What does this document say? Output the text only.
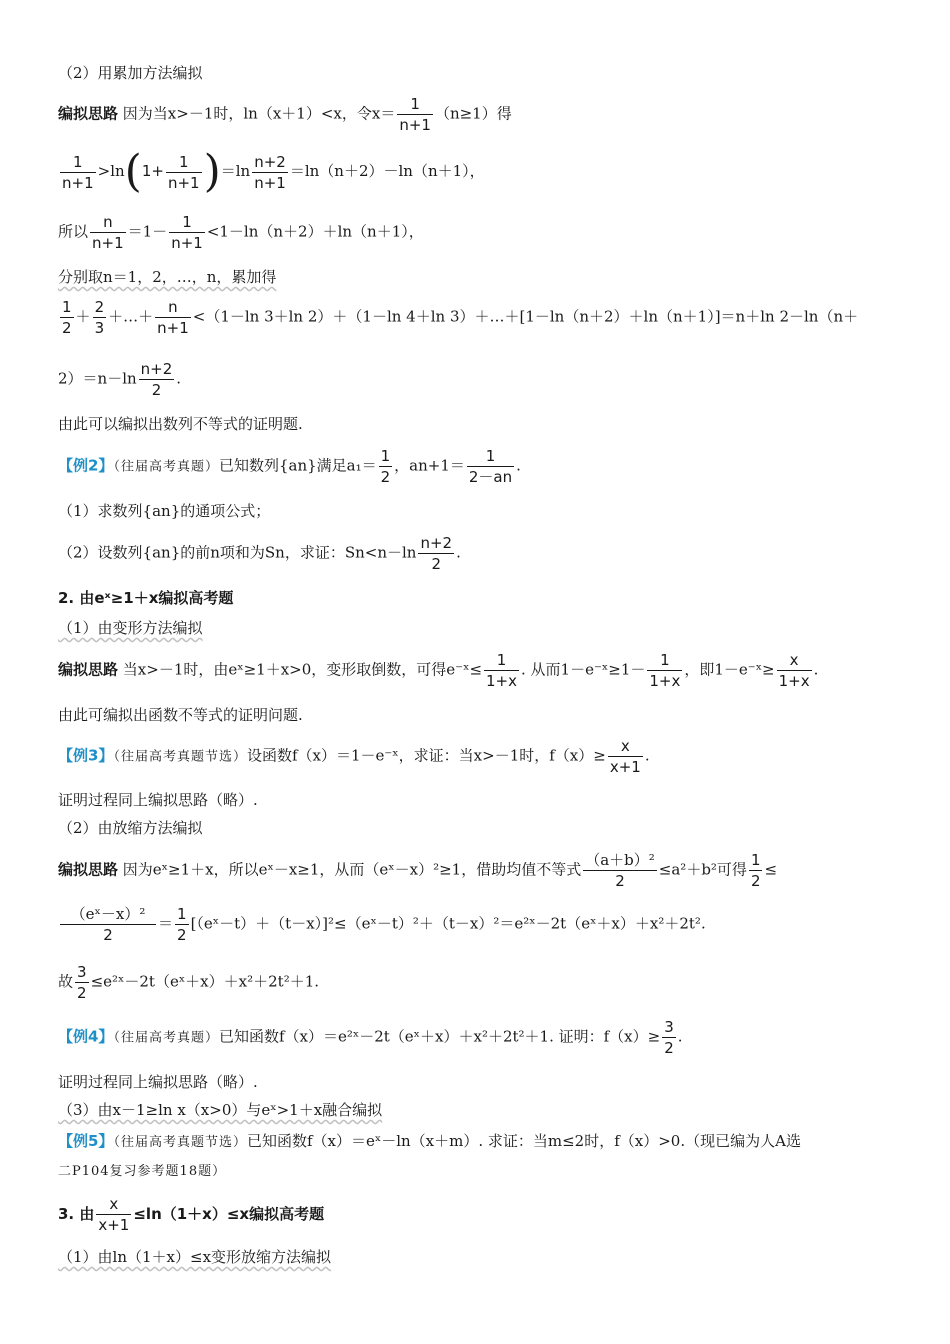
（2）用累加方法编拟
编拟思路 因为当x>－1时，ln（x＋1）<x，令$x= \frac{1}{n+1} (n\ge 1)$得
$\frac{1}{n+1} >\ln(1+ \frac{1}{n+1} )=\ln \frac{n+2}{n+1} =\ln(n+2)-\ln(n+1)$，
所以 $\frac{n}{n+1} =1- \frac{1}{n+1} <1-\ln(n+2)+\ln(n+1)$，
分别取n＝1，2，…，n，累加得
$\frac{1}{2} + \frac{2}{3}$ ＋…＋ $\frac{n}{n+1} <(1-\ln$ 3＋ln 2）＋（1－ln 4＋ln 3）＋…＋[1－ln（n＋2）＋ln（n＋1）]＝n＋ln 2－ln（n＋
$2)=n-\ln \frac{n+2}{2}$ .
由此可以编拟出数列不等式的证明题.
【例2】（往届高考真题）已知数列{an}满足$a_1= \frac{1}{2}$ ，$an+1= \frac{1}{2-an}$ .
（1）求数列{an}的通项公式；
（2）设数列{an}的前n项和为Sn，求证：$Sn<n-\ln \frac{n+2}{2}$ .
2. 由eˣ≥1＋x编拟高考题
（1）由变形方法编拟
编拟思路 当x>－1时，由eˣ≥1＋x>0，变形取倒数，可得e⁻ˣ≤ $\frac{1}{1+x}$ . 从而1－e⁻ˣ≥1－ $\frac{1}{1+x}$ ，即1－e⁻ˣ≥ $\frac{x}{1+x}$ .
由此可编拟出函数不等式的证明问题.
【例3】（往届高考真题节选）设函数f（x）＝1－e⁻ˣ，求证：当x>－1时，$f(x)\ge \frac{x}{x+1}$ .
证明过程同上编拟思路（略）.
（2）由放缩方法编拟
编拟思路 因为eˣ≥1＋x，所以eˣ－x≥1，从而（eˣ－x）²≥1，借助均值不等式 $\frac{\text{（a＋b）²}}{2} \le a^2+b^2$可得 $\frac{1}{2}$ ≤
$\frac{\text{（eˣ－x）²}}{2} = \frac{1}{2}$ [（eˣ－t）＋（t－x）]²≤（eˣ－t）²＋（t－x）²＝e²ˣ－2t（eˣ＋x）＋x²＋2t².
故 $\frac{3}{2}$ ≤e²ˣ－2t（eˣ＋x）＋x²＋2t²＋1.
【例4】（往届高考真题）已知函数f（x）＝e²ˣ－2t（eˣ＋x）＋x²＋2t²＋1. 证明：$f(x)\ge \frac{3}{2}$ .
证明过程同上编拟思路（略）.
（3）由x－1≥ln x（x>0）与eˣ>1＋x融合编拟
【例5】（往届高考真题节选）已知函数f（x）＝eˣ－ln（x＋m）. 求证：当m≤2时，f（x）>0.（现已编为人A选
二P104复习参考题18题）
3. 由 $\frac{x}{x+1} \le\ln(1+x)\le x$编拟高考题
（1）由ln（1＋x）≤x变形放缩方法编拟
